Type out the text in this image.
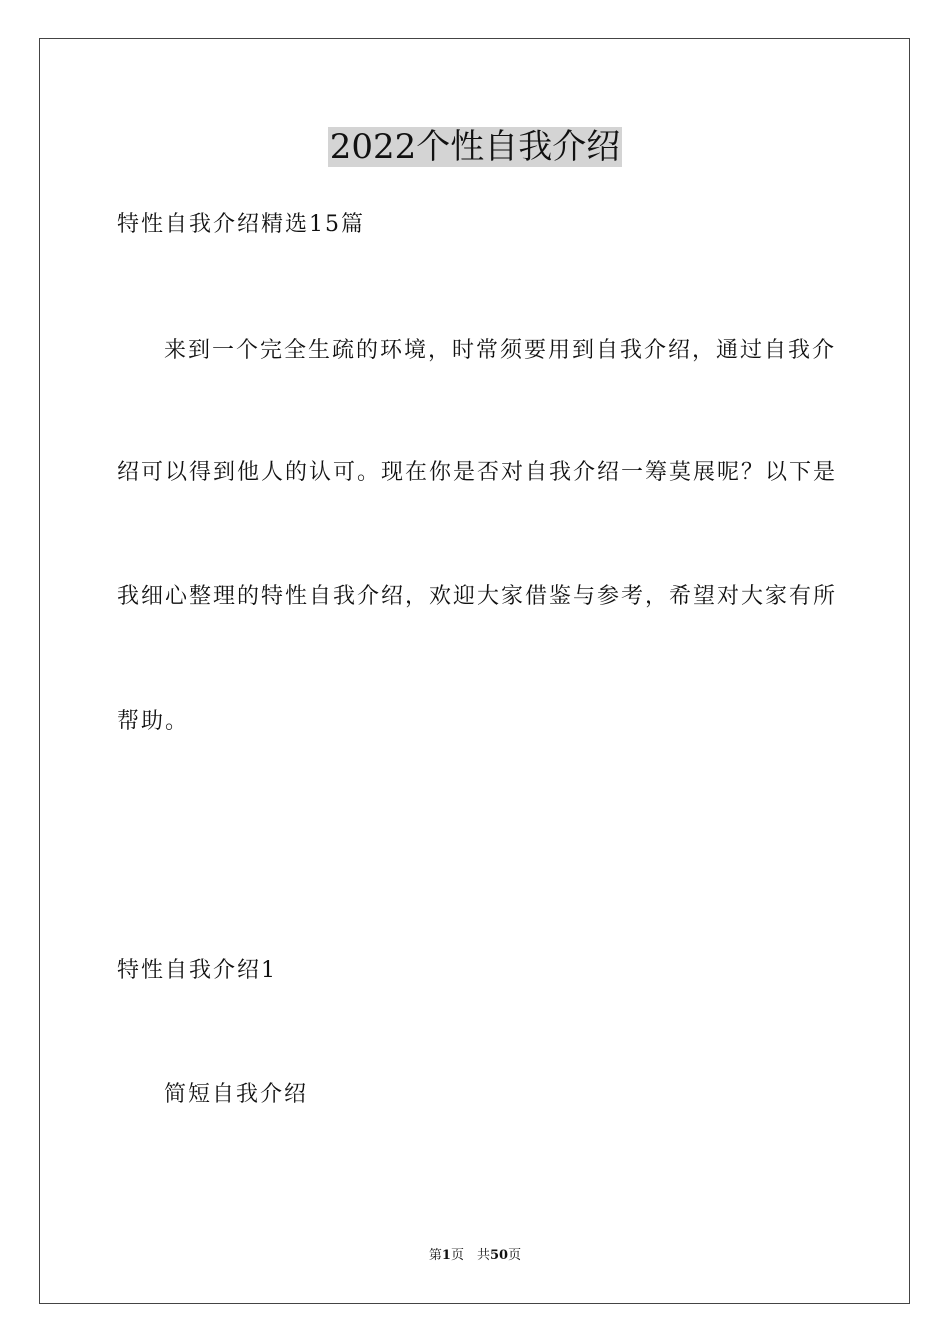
2022个性自我介绍

特性自我介绍精选15篇

来到一个完全生疏的环境，时常须要用到自我介绍，通过自我介

绍可以得到他人的认可。现在你是否对自我介绍一筹莫展呢？以下是

我细心整理的特性自我介绍，欢迎大家借鉴与参考，希望对大家有所

帮助。

特性自我介绍1

简短自我介绍

第1页　共50页
